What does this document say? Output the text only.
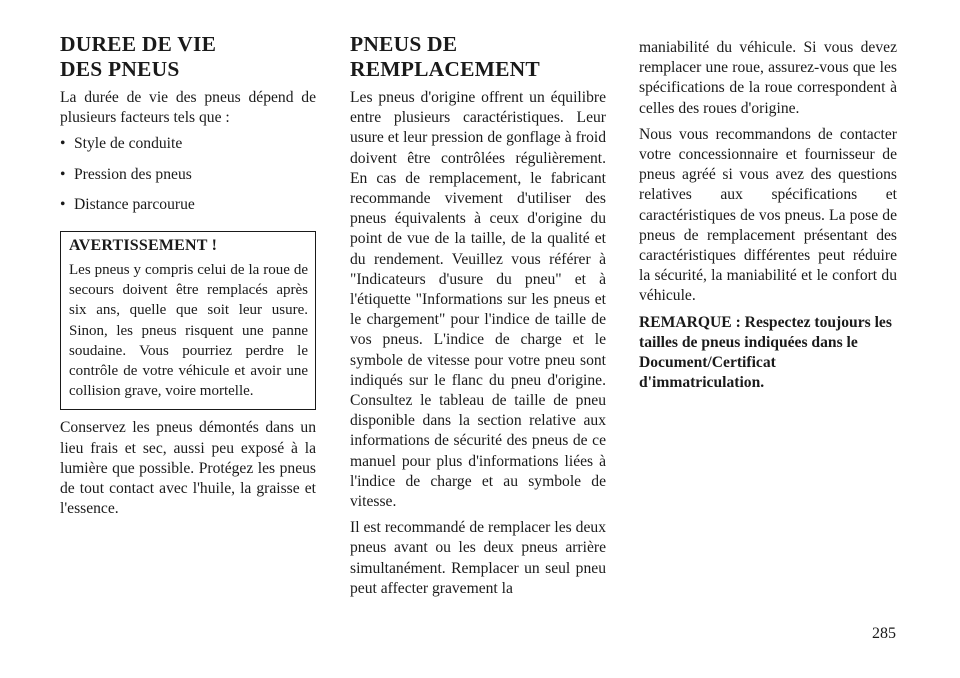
DUREE DE VIE DES PNEUS

La durée de vie des pneus dépend de plusieurs facteurs tels que :

• Style de conduite
• Pression des pneus
• Distance parcourue
AVERTISSEMENT !

Les pneus y compris celui de la roue de secours doivent être remplacés après six ans, quelle que soit leur usure. Sinon, les pneus risquent une panne soudaine. Vous pourriez perdre le contrôle de votre véhicule et avoir une collision grave, voire mortelle.

Conservez les pneus démontés dans un lieu frais et sec, aussi peu exposé à la lumière que possible. Protégez les pneus de tout contact avec l'huile, la graisse et l'essence.

PNEUS DE REMPLACEMENT

Les pneus d'origine offrent un équilibre entre plusieurs caractéristiques. Leur usure et leur pression de gonflage à froid doivent être contrôlées régulièrement. En cas de remplacement, le fabricant recommande vivement d'utiliser des pneus équivalents à ceux d'origine du point de vue de la taille, de la qualité et du rendement. Veuillez vous référer à "Indicateurs d'usure du pneu" et à l'étiquette "Informations sur les pneus et le chargement" pour l'indice de taille de vos pneus. L'indice de charge et le symbole de vitesse pour votre pneu sont indiqués sur le flanc du pneu d'origine. Consultez le tableau de taille de pneu disponible dans la section relative aux informations de sécurité des pneus de ce manuel pour plus d'informations liées à l'indice de charge et au symbole de vitesse.

Il est recommandé de remplacer les deux pneus avant ou les deux pneus arrière simultanément. Remplacer un seul pneu peut affecter gravement la

maniabilité du véhicule. Si vous devez remplacer une roue, assurez-vous que les spécifications de la roue correspondent à celles des roues d'origine.

Nous vous recommandons de contacter votre concessionnaire et fournisseur de pneus agréé si vous avez des questions relatives aux spécifications et caractéristiques de vos pneus. La pose de pneus de remplacement présentant des caractéristiques différentes peut réduire la sécurité, la maniabilité et le confort du véhicule.

REMARQUE : Respectez toujours les tailles de pneus indiquées dans le Document/Certificat d'immatriculation.

285
